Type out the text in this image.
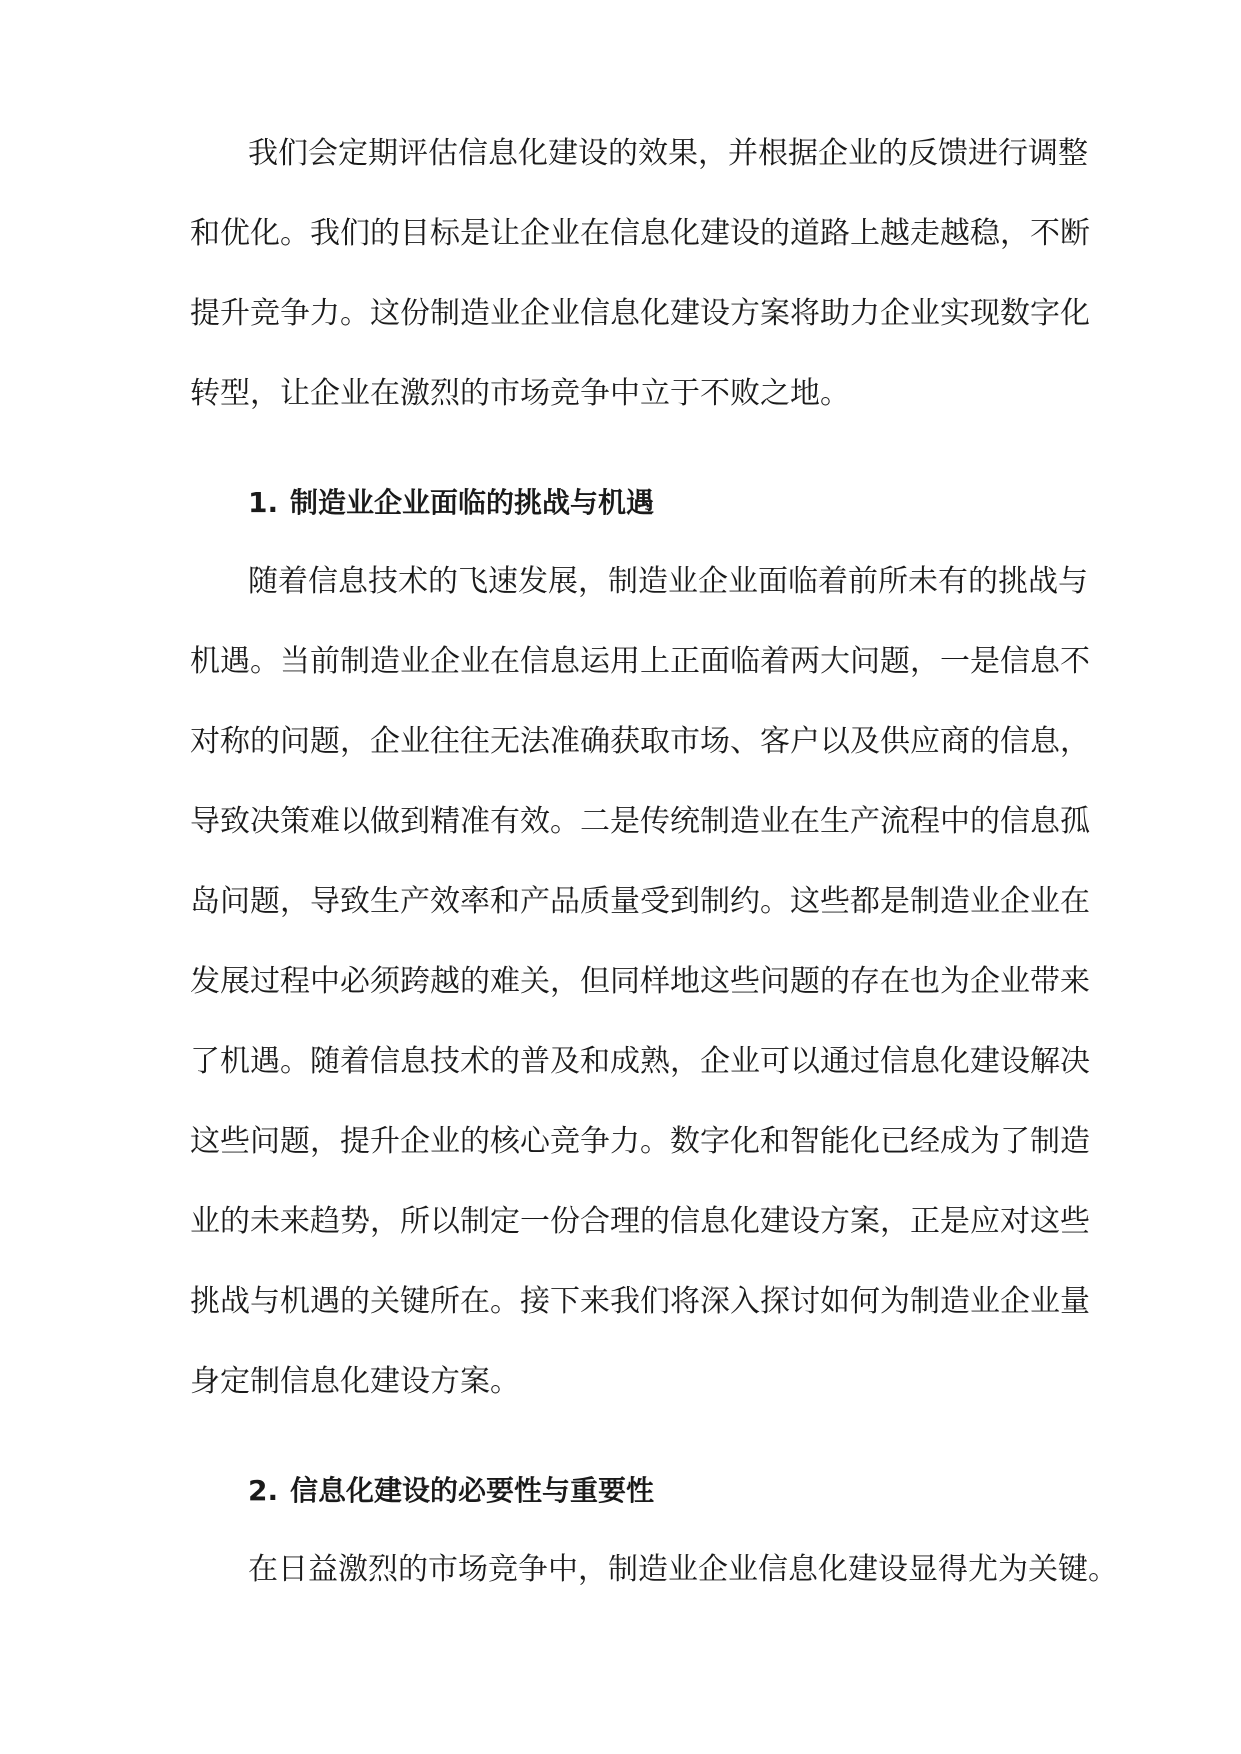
我们会定期评估信息化建设的效果，并根据企业的反馈进行调整
和优化。我们的目标是让企业在信息化建设的道路上越走越稳，不断
提升竞争力。这份制造业企业信息化建设方案将助力企业实现数字化
转型，让企业在激烈的市场竞争中立于不败之地。
1. 制造业企业面临的挑战与机遇
随着信息技术的飞速发展，制造业企业面临着前所未有的挑战与
机遇。当前制造业企业在信息运用上正面临着两大问题，一是信息不
对称的问题，企业往往无法准确获取市场、客户以及供应商的信息，
导致决策难以做到精准有效。二是传统制造业在生产流程中的信息孤
岛问题，导致生产效率和产品质量受到制约。这些都是制造业企业在
发展过程中必须跨越的难关，但同样地这些问题的存在也为企业带来
了机遇。随着信息技术的普及和成熟，企业可以通过信息化建设解决
这些问题，提升企业的核心竞争力。数字化和智能化已经成为了制造
业的未来趋势，所以制定一份合理的信息化建设方案，正是应对这些
挑战与机遇的关键所在。接下来我们将深入探讨如何为制造业企业量
身定制信息化建设方案。
2. 信息化建设的必要性与重要性
在日益激烈的市场竞争中，制造业企业信息化建设显得尤为关键。
